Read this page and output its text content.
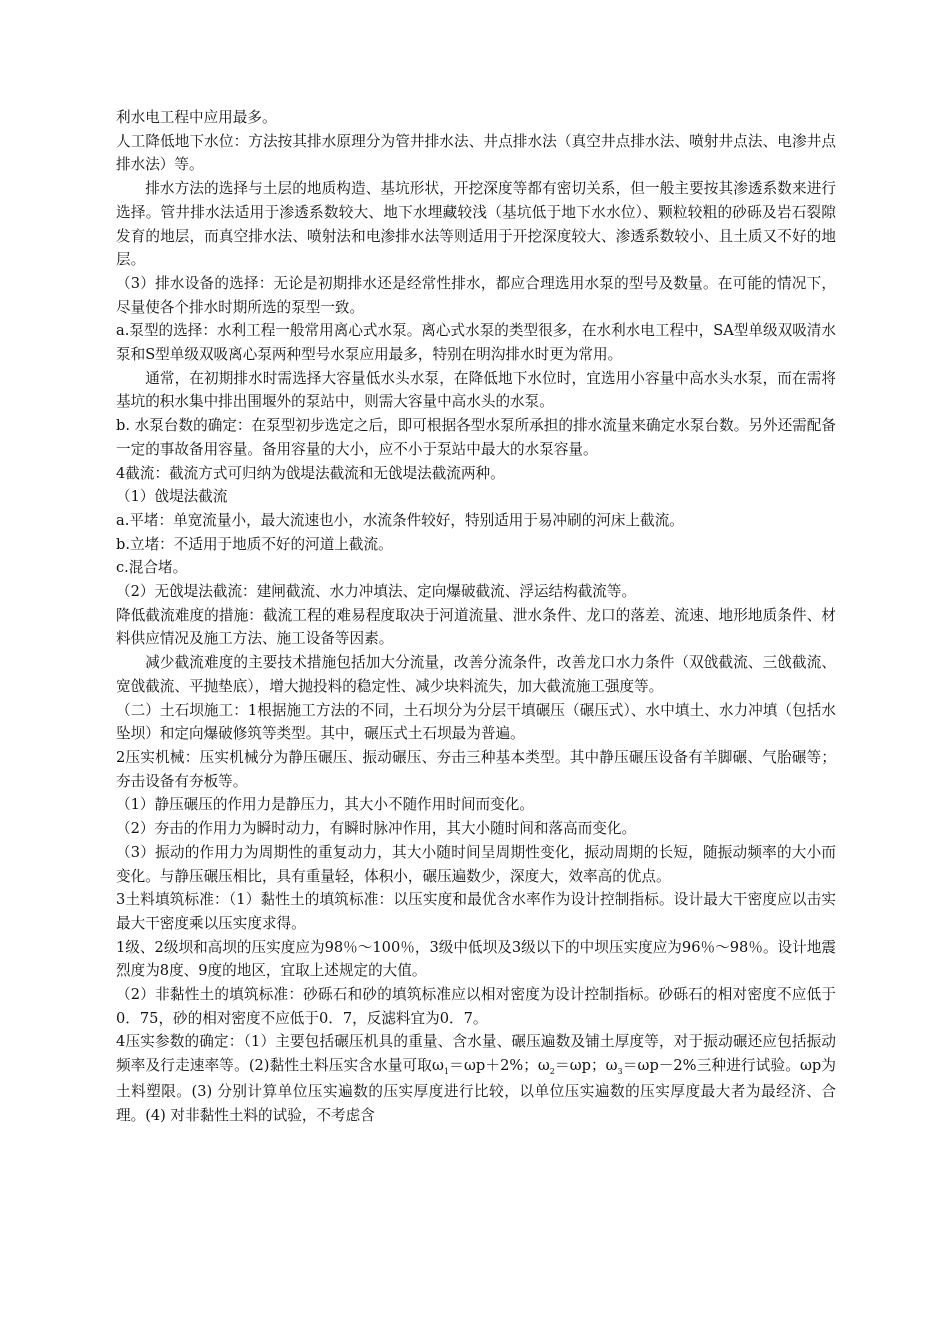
利水电工程中应用最多。

人工降低地下水位：方法按其排水原理分为管井排水法、井点排水法（真空井点排水法、喷射井点法、电渗井点排水法）等。

排水方法的选择与土层的地质构造、基坑形状，开挖深度等都有密切关系，但一般主要按其渗透系数来进行选择。管井排水法适用于渗透系数较大、地下水埋藏较浅（基坑低于地下水水位）、颗粒较粗的砂砾及岩石裂隙发育的地层，而真空排水法、喷射法和电渗排水法等则适用于开挖深度较大、渗透系数较小、且土质又不好的地层。

（3）排水设备的选择：无论是初期排水还是经常性排水，都应合理选用水泵的型号及数量。在可能的情况下，尽量使各个排水时期所选的泵型一致。

a.泵型的选择：水利工程一般常用离心式水泵。离心式水泵的类型很多，在水利水电工程中，SA型单级双吸清水泵和S型单级双吸离心泵两种型号水泵应用最多，特别在明沟排水时更为常用。

通常，在初期排水时需选择大容量低水头水泵，在降低地下水位时，宜选用小容量中高水头水泵，而在需将基坑的积水集中排出围堰外的泵站中，则需大容量中高水头的水泵。

b. 水泵台数的确定：在泵型初步选定之后，即可根据各型水泵所承担的排水流量来确定水泵台数。另外还需配备一定的事故备用容量。备用容量的大小，应不小于泵站中最大的水泵容量。

4截流：截流方式可归纳为戗堤法截流和无戗堤法截流两种。

（1）戗堤法截流

a.平堵：单宽流量小，最大流速也小，水流条件较好，特别适用于易冲刷的河床上截流。

b.立堵：不适用于地质不好的河道上截流。

c.混合堵。

（2）无戗堤法截流：建闸截流、水力冲填法、定向爆破截流、浮运结构截流等。

降低截流难度的措施：截流工程的难易程度取决于河道流量、泄水条件、龙口的落差、流速、地形地质条件、材料供应情况及施工方法、施工设备等因素。

减少截流难度的主要技术措施包括加大分流量，改善分流条件，改善龙口水力条件（双戗截流、三戗截流、宽戗截流、平抛垫底），增大抛投料的稳定性、减少块料流失，加大截流施工强度等。

（二）土石坝施工：1根据施工方法的不同，土石坝分为分层干填碾压（碾压式）、水中填土、水力冲填（包括水坠坝）和定向爆破修筑等类型。其中，碾压式土石坝最为普遍。

2压实机械：压实机械分为静压碾压、振动碾压、夯击三种基本类型。其中静压碾压设备有羊脚碾、气胎碾等；夯击设备有夯板等。

（1）静压碾压的作用力是静压力，其大小不随作用时间而变化。

（2）夯击的作用力为瞬时动力，有瞬时脉冲作用，其大小随时间和落高而变化。

（3）振动的作用力为周期性的重复动力，其大小随时间呈周期性变化，振动周期的长短，随振动频率的大小而变化。与静压碾压相比，具有重量轻，体积小，碾压遍数少，深度大，效率高的优点。

3土料填筑标准：（1）黏性土的填筑标准：以压实度和最优含水率作为设计控制指标。设计最大干密度应以击实最大干密度乘以压实度求得。

1级、2级坝和高坝的压实度应为98％～100％，3级中低坝及3级以下的中坝压实度应为96％～98％。设计地震烈度为8度、9度的地区，宜取上述规定的大值。

（2）非黏性土的填筑标准：砂砾石和砂的填筑标准应以相对密度为设计控制指标。砂砾石的相对密度不应低于0．75，砂的相对密度不应低于0．7，反滤料宜为0．7。

4压实参数的确定：（1）主要包括碾压机具的重量、含水量、碾压遍数及铺土厚度等，对于振动碾还应包括振动频率及行走速率等。(2)黏性土料压实含水量可取$\omega_1=\omega p+2\%$；$\omega_2=\omega p$；$\omega_3=\omega p-2\%$三种进行试验。ωp为土料塑限。(3) 分别计算单位压实遍数的压实厚度进行比较，以单位压实遍数的压实厚度最大者为最经济、合理。(4) 对非黏性土料的试验，不考虑含
